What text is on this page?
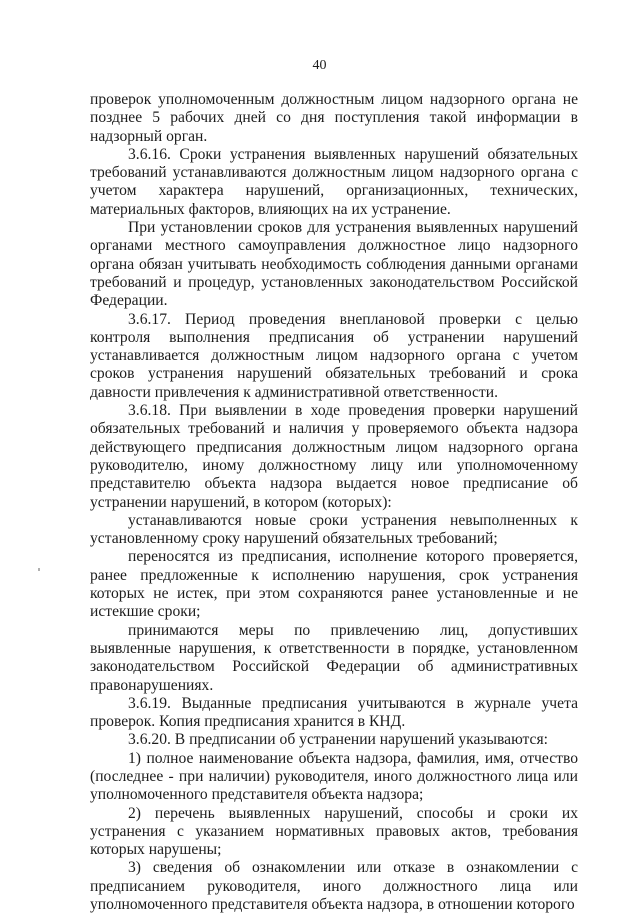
40

проверок уполномоченным должностным лицом надзорного органа не позднее 5 рабочих дней со дня поступления такой информации в надзорный орган.

3.6.16. Сроки устранения выявленных нарушений обязательных требований устанавливаются должностным лицом надзорного органа с учетом характера нарушений, организационных, технических, материальных факторов, влияющих на их устранение.

При установлении сроков для устранения выявленных нарушений органами местного самоуправления должностное лицо надзорного органа обязан учитывать необходимость соблюдения данными органами требований и процедур, установленных законодательством Российской Федерации.

3.6.17. Период проведения внеплановой проверки с целью контроля выполнения предписания об устранении нарушений устанавливается должностным лицом надзорного органа с учетом сроков устранения нарушений обязательных требований и срока давности привлечения к административной ответственности.

3.6.18. При выявлении в ходе проведения проверки нарушений обязательных требований и наличия у проверяемого объекта надзора действующего предписания должностным лицом надзорного органа руководителю, иному должностному лицу или уполномоченному представителю объекта надзора выдается новое предписание об устранении нарушений, в котором (которых):

устанавливаются новые сроки устранения невыполненных к установленному сроку нарушений обязательных требований;

переносятся из предписания, исполнение которого проверяется, ранее предложенные к исполнению нарушения, срок устранения которых не истек, при этом сохраняются ранее установленные и не истекшие сроки;

принимаются меры по привлечению лиц, допустивших выявленные нарушения, к ответственности в порядке, установленном законодательством Российской Федерации об административных правонарушениях.

3.6.19. Выданные предписания учитываются в журнале учета проверок. Копия предписания хранится в КНД.

3.6.20. В предписании об устранении нарушений указываются:

1) полное наименование объекта надзора, фамилия, имя, отчество (последнее - при наличии) руководителя, иного должностного лица или уполномоченного представителя объекта надзора;

2) перечень выявленных нарушений, способы и сроки их устранения с указанием нормативных правовых актов, требования которых нарушены;

3) сведения об ознакомлении или отказе в ознакомлении с предписанием руководителя, иного должностного лица или уполномоченного представителя объекта надзора, в отношении которого
